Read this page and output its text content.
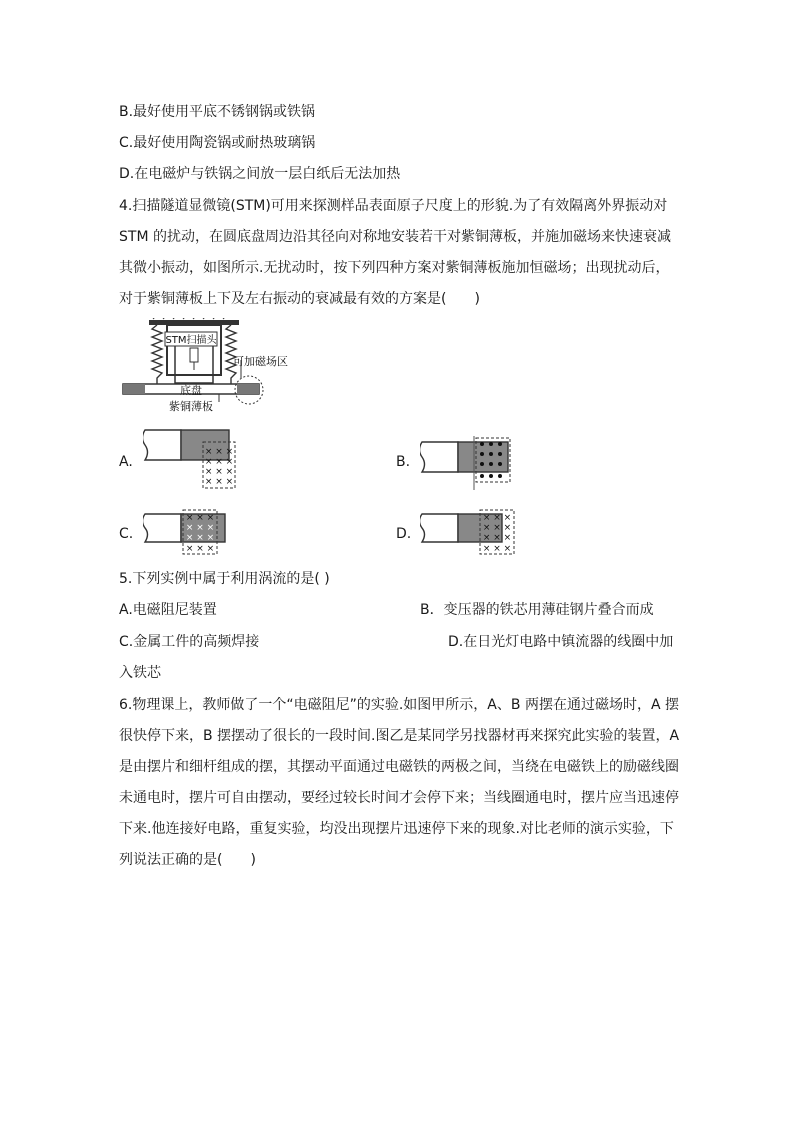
B.最好使用平底不锈钢锅或铁锅
C.最好使用陶瓷锅或耐热玻璃锅
D.在电磁炉与铁锅之间放一层白纸后无法加热
4.扫描隧道显微镜(STM)可用来探测样品表面原子尺度上的形貌.为了有效隔离外界振动对
STM 的扰动，在圆底盘周边沿其径向对称地安装若干对紫铜薄板，并施加磁场来快速衰减
其微小振动，如图所示.无扰动时，按下列四种方案对紫铜薄板施加恒磁场；出现扰动后，
对于紫铜薄板上下及左右振动的衰减最有效的方案是(　　)
STM扫描头
底盘
可加磁场区
紫铜薄板
A.
× × ×
× × ×
× × ×
× × ×
B.
C.
× × ×
× × ×
× × ×
× × ×
D.
× × ×
× × ×
× × ×
× × ×
5.下列实例中属于利用涡流的是( )
A.电磁阻尼装置	B．变压器的铁芯用薄硅钢片叠合而成
C.金属工件的高频焊接	D.在日光灯电路中镇流器的线圈中加
入铁芯
6.物理课上，教师做了一个“电磁阻尼”的实验.如图甲所示，A、B 两摆在通过磁场时，A 摆
很快停下来，B 摆摆动了很长的一段时间.图乙是某同学另找器材再来探究此实验的装置，A
是由摆片和细杆组成的摆，其摆动平面通过电磁铁的两极之间，当绕在电磁铁上的励磁线圈
未通电时，摆片可自由摆动，要经过较长时间才会停下来；当线圈通电时，摆片应当迅速停
下来.他连接好电路，重复实验，均没出现摆片迅速停下来的现象.对比老师的演示实验，下
列说法正确的是(　　)
